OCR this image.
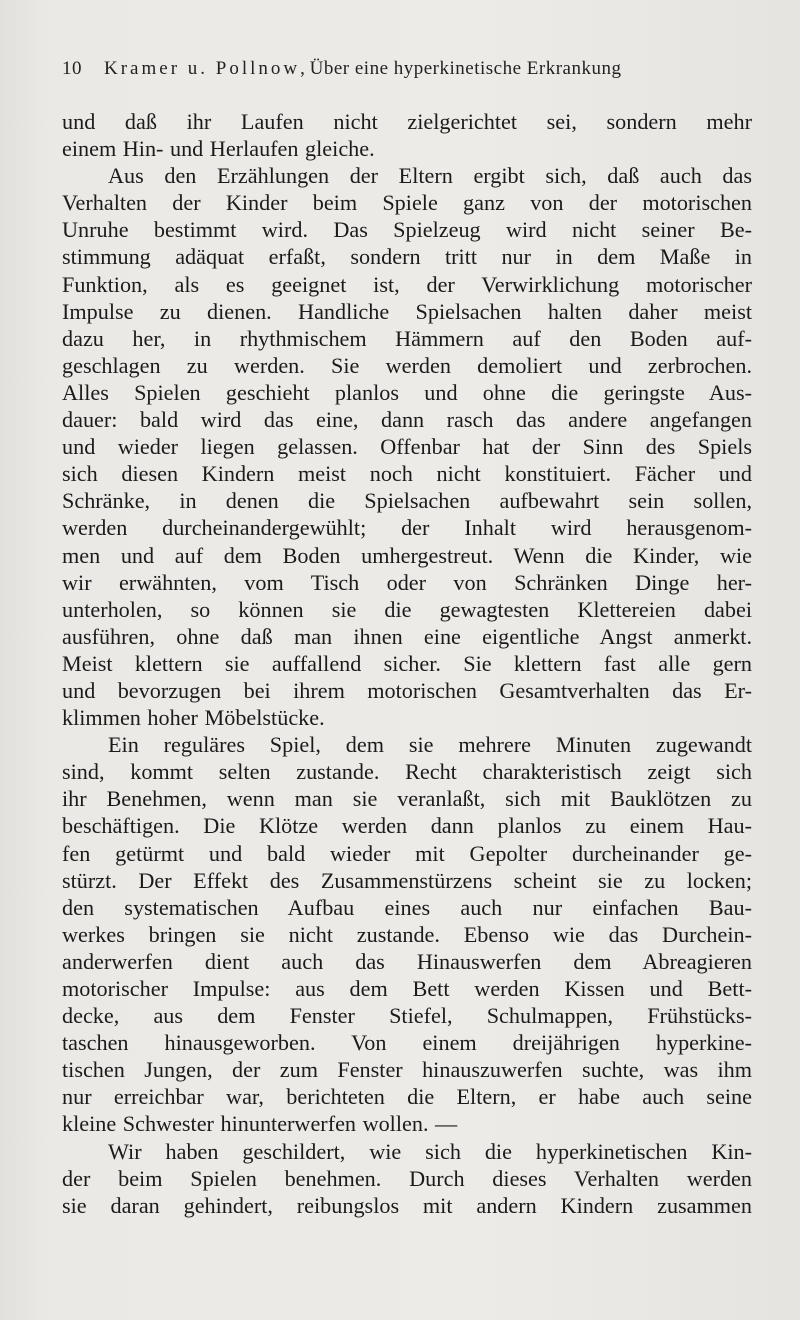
10 Kramer u. Pollnow , Über eine hyperkinetische Erkrankung
und daß ihr Laufen nicht zielgerichtet sei, sondern mehr
einem Hin- und Herlaufen gleiche.
Aus den Erzählungen der Eltern ergibt sich, daß auch das
Verhalten der Kinder beim Spiele ganz von der motorischen
Unruhe bestimmt wird. Das Spielzeug wird nicht seiner Be-
stimmung adäquat erfaßt, sondern tritt nur in dem Maße in
Funktion, als es geeignet ist, der Verwirklichung motorischer
Impulse zu dienen. Handliche Spielsachen halten daher meist
dazu her, in rhythmischem Hämmern auf den Boden auf-
geschlagen zu werden. Sie werden demoliert und zerbrochen.
Alles Spielen geschieht planlos und ohne die geringste Aus-
dauer: bald wird das eine, dann rasch das andere angefangen
und wieder liegen gelassen. Offenbar hat der Sinn des Spiels
sich diesen Kindern meist noch nicht konstituiert. Fächer und
Schränke, in denen die Spielsachen aufbewahrt sein sollen,
werden durcheinandergewühlt; der Inhalt wird herausgenom-
men und auf dem Boden umhergestreut. Wenn die Kinder, wie
wir erwähnten, vom Tisch oder von Schränken Dinge her-
unterholen, so können sie die gewagtesten Klettereien dabei
ausführen, ohne daß man ihnen eine eigentliche Angst anmerkt.
Meist klettern sie auffallend sicher. Sie klettern fast alle gern
und bevorzugen bei ihrem motorischen Gesamtverhalten das Er-
klimmen hoher Möbelstücke.
Ein reguläres Spiel, dem sie mehrere Minuten zugewandt
sind, kommt selten zustande. Recht charakteristisch zeigt sich
ihr Benehmen, wenn man sie veranlaßt, sich mit Bauklötzen zu
beschäftigen. Die Klötze werden dann planlos zu einem Hau-
fen getürmt und bald wieder mit Gepolter durcheinander ge-
stürzt. Der Effekt des Zusammenstürzens scheint sie zu locken;
den systematischen Aufbau eines auch nur einfachen Bau-
werkes bringen sie nicht zustande. Ebenso wie das Durchein-
anderwerfen dient auch das Hinauswerfen dem Abreagieren
motorischer Impulse: aus dem Bett werden Kissen und Bett-
decke, aus dem Fenster Stiefel, Schulmappen, Frühstücks-
taschen hinausgeworben. Von einem dreijährigen hyperkine-
tischen Jungen, der zum Fenster hinauszuwerfen suchte, was ihm
nur erreichbar war, berichteten die Eltern, er habe auch seine
kleine Schwester hinunterwerfen wollen. —
Wir haben geschildert, wie sich die hyperkinetischen Kin-
der beim Spielen benehmen. Durch dieses Verhalten werden
sie daran gehindert, reibungslos mit andern Kindern zusammen
